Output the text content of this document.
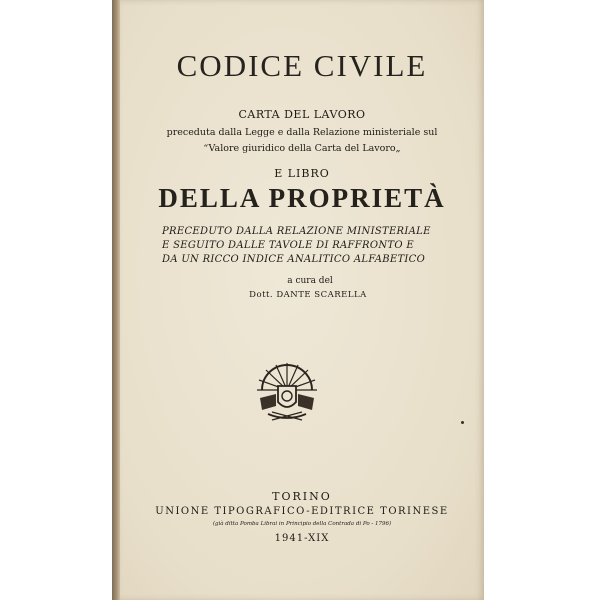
CODICE CIVILE
CARTA DEL LAVORO
preceduta dalla Legge e dalla Relazione ministeriale sul
“Valore giuridico della Carta del Lavoro„
E LIBRO
DELLA PROPRIETÀ
PRECEDUTO DALLA RELAZIONE MINISTERIALE
E SEGUITO DALLE TAVOLE DI RAFFRONTO E
DA UN RICCO INDICE ANALITICO ALFABETICO
a cura del
Dott. DANTE SCARELLA
TORINO
UNIONE TIPOGRAFICO-EDITRICE TORINESE
(già ditta Pomba Librai in Principio della Contrada di Po - 1796)
1941-XIX
